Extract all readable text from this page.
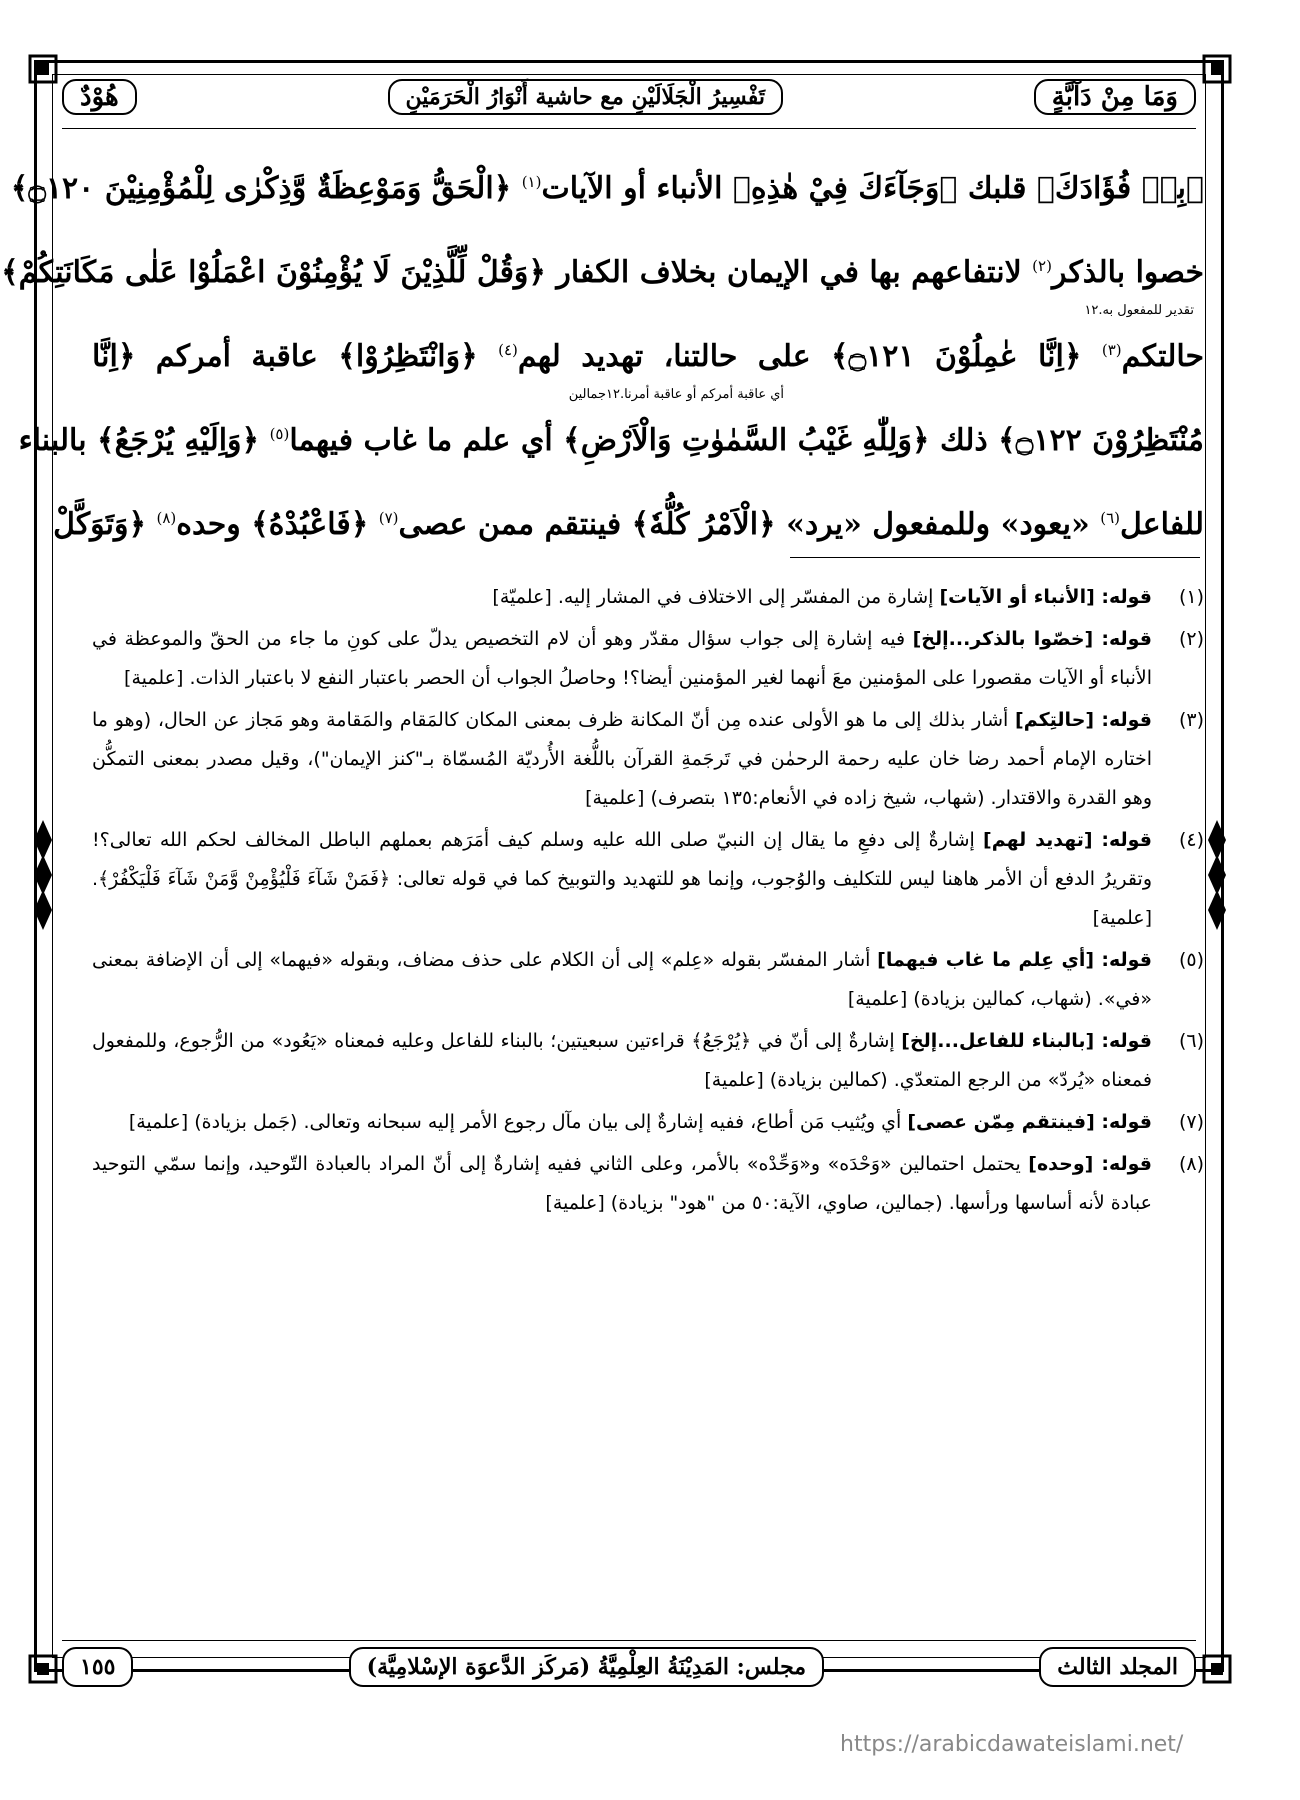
وَمَا مِنْ دَآبَّةٍ
تَفْسِيرُ الْجَلَالَيْنِ مع حاشية أَنْوَارُ الْحَرَمَيْنِ
هُوْدٌ
﴿بِهٖ فُؤَادَكَ﴾ قلبك ﴿وَجَآءَكَ فِيْ هٰذِهِ﴾ الأنباء أو الآيات$^{(١)}$ ﴿الْحَقُّ وَمَوْعِظَةٌ وَّذِكْرٰى لِلْمُؤْمِنِيْنَ ۝١٢٠﴾
خصوا بالذكر$^{(٢)}$ لانتفاعهم بها في الإيمان بخلاف الكفار ﴿وَقُلْ لِّلَّذِيْنَ لَا يُؤْمِنُوْنَ اعْمَلُوْا عَلٰى مَكَانَتِكُمْ﴾
تقدير للمفعول به.١٢
حالتكم$^{(٣)}$ ﴿اِنَّا عٰمِلُوْنَ ۝١٢١﴾ على حالتنا، تهديد لهم$^{(٤)}$ ﴿وَانْتَظِرُوْا﴾ عاقبة أمركم ﴿اِنَّا
أي عاقبة أمركم أو عاقبة أمرنا.١٢جمالين
مُنْتَظِرُوْنَ ۝١٢٢﴾ ذلك ﴿وَلِلّٰهِ غَيْبُ السَّمٰوٰتِ وَالْاَرْضِ﴾ أي علم ما غاب فيهما$^{(٥)}$ ﴿وَاِلَيْهِ يُرْجَعُ﴾ بالبناء
للفاعل$^{(٦)}$ «يعود» وللمفعول «يرد» ﴿الْاَمْرُ كُلُّهٗ﴾ فينتقم ممن عصى$^{(٧)}$ ﴿فَاعْبُدْهُ﴾ وحده$^{(٨)}$ ﴿وَتَوَكَّلْ
(١)
قوله: [الأنباء أو الآيات] إشارة من المفسّر إلى الاختلاف في المشار إليه. [علميّة]
(٢)
قوله: [خصّوا بالذكر...إلخ] فيه إشارة إلى جواب سؤال مقدّر وهو أن لام التخصيص يدلّ على كونِ ما جاء من الحقّ والموعظة في الأنباء أو الآيات مقصورا على المؤمنين معَ أنهما لغير المؤمنين أيضا؟! وحاصلُ الجواب أن الحصر باعتبار النفع لا باعتبار الذات. [علمية]
(٣)
قوله: [حالتِكم] أشار بذلك إلى ما هو الأولى عنده مِن أنّ المكانة ظرف بمعنى المكان كالمَقام والمَقامة وهو مَجاز عن الحال، (وهو ما اختاره الإمام أحمد رضا خان عليه رحمة الرحمٰن في تَرجَمةِ القرآن باللُّغة الأُرديّة المُسمّاة بـ"كنز الإيمان")، وقيل مصدر بمعنى التمكُّن وهو القدرة والاقتدار. (شهاب، شيخ زاده في الأنعام:١٣٥ بتصرف) [علمية]
(٤)
قوله: [تهديد لهم] إشارةٌ إلى دفعِ ما يقال إن النبيّ صلى الله عليه وسلم كيف أمَرَهم بعملهم الباطل المخالف لحكم الله تعالى؟! وتقريرُ الدفع أن الأمر هاهنا ليس للتكليف والوُجوب، وإنما هو للتهديد والتوبيخ كما في قوله تعالى: ﴿فَمَنْ شَآءَ فَلْيُؤْمِنْ وَّمَنْ شَآءَ فَلْيَكْفُرْ﴾. [علمية]
(٥)
قوله: [أي عِلم ما غاب فيهما] أشار المفسّر بقوله «عِلم» إلى أن الكلام على حذف مضاف، وبقوله «فيهما» إلى أن الإضافة بمعنى «في». (شهاب، كمالين بزيادة) [علمية]
(٦)
قوله: [بالبناء للفاعل...إلخ] إشارةٌ إلى أنّ في ﴿يُرْجَعُ﴾ قراءتين سبعيتين؛ بالبناء للفاعل وعليه فمعناه «يَعُود» من الرُّجوع، وللمفعول فمعناه «يُردّ» من الرجع المتعدّي. (كمالين بزيادة) [علمية]
(٧)
قوله: [فينتقم مِمّن عصى] أي ويُثيب مَن أطاع، ففيه إشارةٌ إلى بيان مآل رجوع الأمر إليه سبحانه وتعالى. (جَمل بزيادة) [علمية]
(٨)
قوله: [وحده] يحتمل احتمالين «وَحْدَه» و«وَحِّدْه» بالأمر، وعلى الثاني ففيه إشارةٌ إلى أنّ المراد بالعبادة التّوحيد، وإنما سمّي التوحيد عبادة لأنه أساسها ورأسها. (جمالين، صاوي، الآية:٥٠ من "هود" بزيادة) [علمية]
المجلد الثالث
مجلس: المَدِيْنَةُ العِلْمِيَّةُ (مَركَز الدَّعوَة الإسْلامِيَّة)
١٥٥
https://arabicdawateislami.net/
